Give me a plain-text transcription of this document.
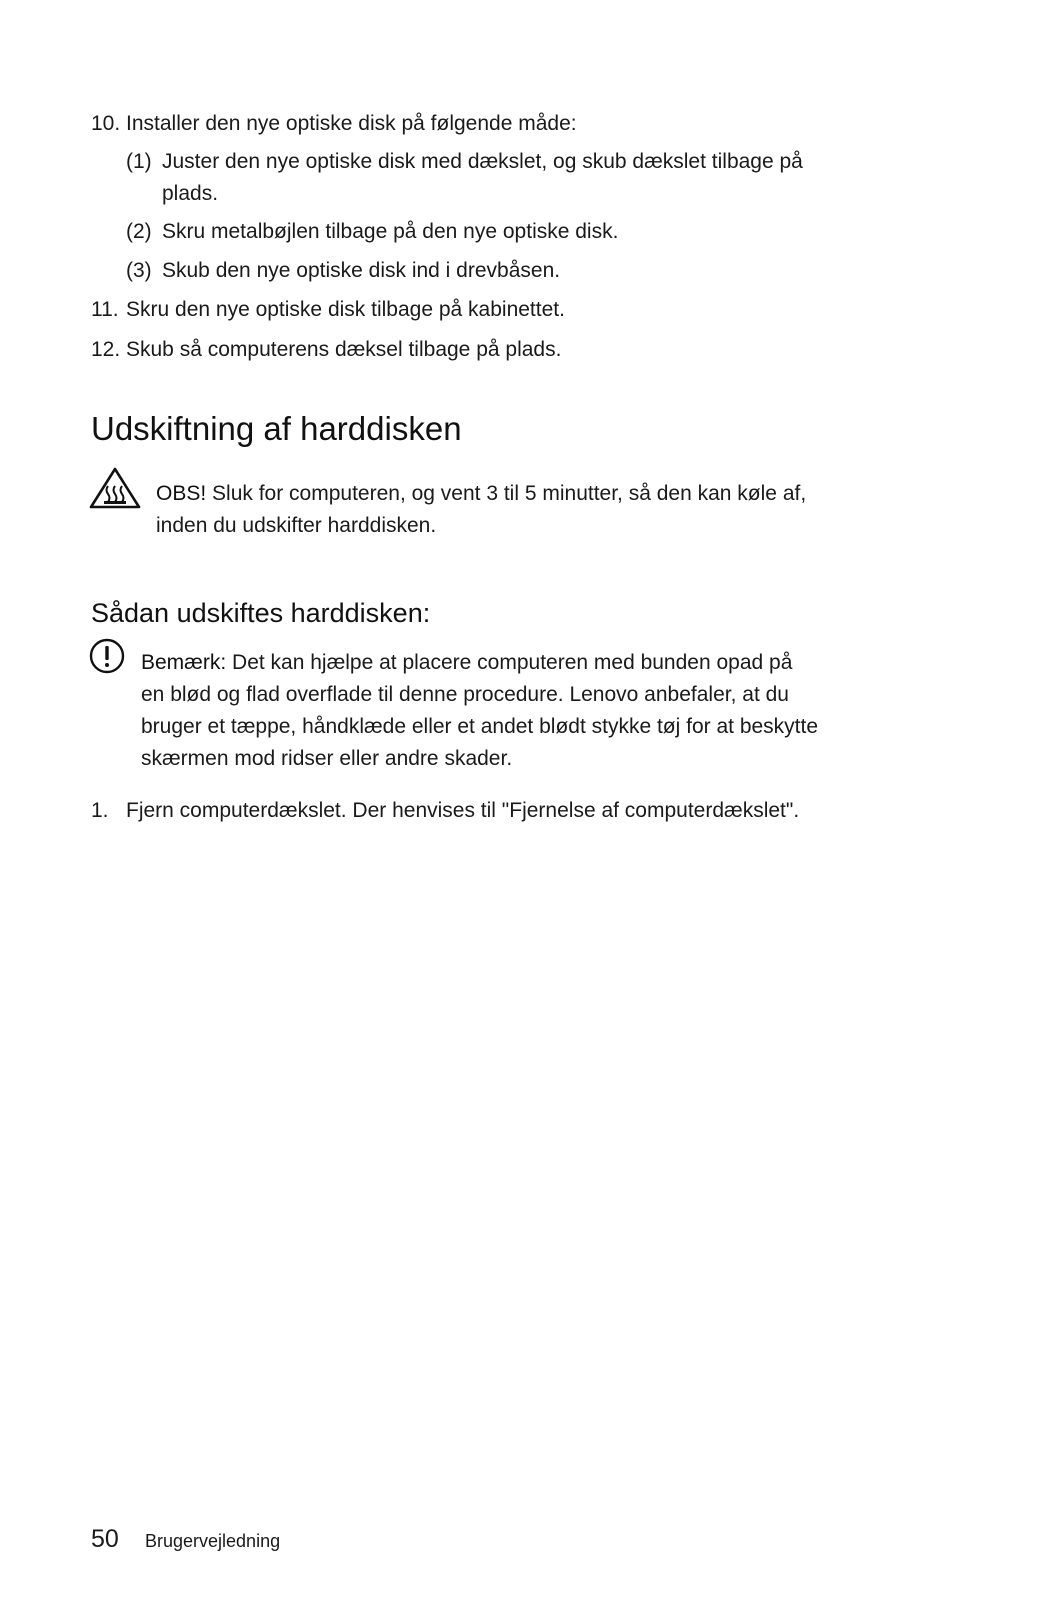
10. Installer den nye optiske disk på følgende måde:
(1) Juster den nye optiske disk med dækslet, og skub dækslet tilbage på
plads.
(2) Skru metalbøjlen tilbage på den nye optiske disk.
(3) Skub den nye optiske disk ind i drevbåsen.
11. Skru den nye optiske disk tilbage på kabinettet.
12. Skub så computerens dæksel tilbage på plads.
Udskiftning af harddisken
OBS! Sluk for computeren, og vent 3 til 5 minutter, så den kan køle af,
inden du udskifter harddisken.
Sådan udskiftes harddisken:
Bemærk: Det kan hjælpe at placere computeren med bunden opad på
en blød og flad overflade til denne procedure. Lenovo anbefaler, at du
bruger et tæppe, håndklæde eller et andet blødt stykke tøj for at beskytte
skærmen mod ridser eller andre skader.
1. Fjern computerdækslet. Der henvises til "Fjernelse af computerdækslet".
50 Brugervejledning
